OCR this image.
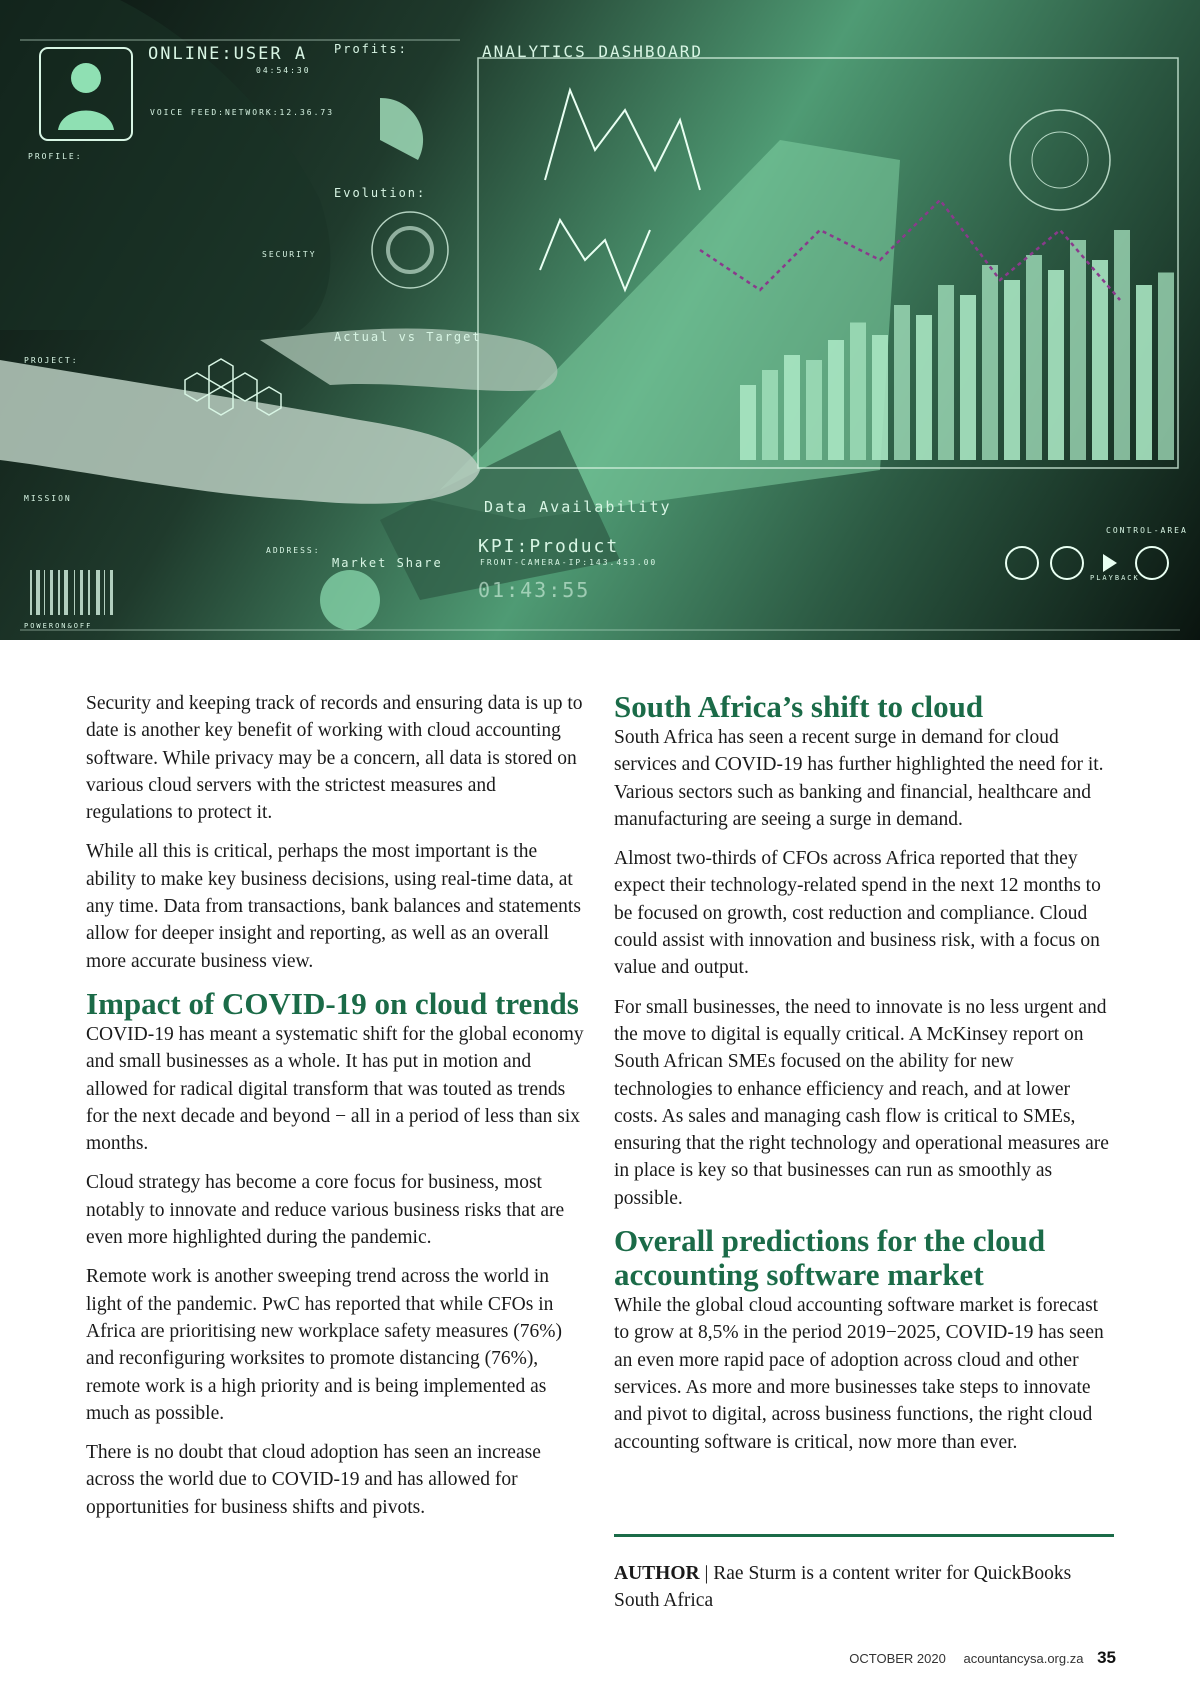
ONLINE:USER A
04:54:30
VOICE FEED:NETWORK:12.36.73
PROFILE:
Profits:	ANALYTICS DASHBOARD
Evolution:
SECURITY
Actual vs Target
PROJECT:
MISSION
ADDRESS:
Market Share
Data Availability
KPI:Product
FRONT-CAMERA-IP:143.453.00
01:43:55
CONTROL-AREA
PLAYBACK
POWERON&OFF

Security and keeping track of records and ensuring data is up to date is another key benefit of working with cloud accounting software. While privacy may be a concern, all data is stored on various cloud servers with the strictest measures and regulations to protect it.

While all this is critical, perhaps the most important is the ability to make key business decisions, using real-time data, at any time. Data from transactions, bank balances and statements allow for deeper insight and reporting, as well as an overall more accurate business view.

Impact of COVID-19 on cloud trends

COVID-19 has meant a systematic shift for the global economy and small businesses as a whole. It has put in motion and allowed for radical digital transform that was touted as trends for the next decade and beyond − all in a period of less than six months.

Cloud strategy has become a core focus for business, most notably to innovate and reduce various business risks that are even more highlighted during the pandemic.

Remote work is another sweeping trend across the world in light of the pandemic. PwC has reported that while CFOs in Africa are prioritising new workplace safety measures (76%) and reconfiguring worksites to promote distancing (76%), remote work is a high priority and is being implemented as much as possible.

There is no doubt that cloud adoption has seen an increase across the world due to COVID-19 and has allowed for opportunities for business shifts and pivots.

South Africa’s shift to cloud

South Africa has seen a recent surge in demand for cloud services and COVID-19 has further highlighted the need for it. Various sectors such as banking and financial, healthcare and manufacturing are seeing a surge in demand.

Almost two-thirds of CFOs across Africa reported that they expect their technology-related spend in the next 12 months to be focused on growth, cost reduction and compliance. Cloud could assist with innovation and business risk, with a focus on value and output.

For small businesses, the need to innovate is no less urgent and the move to digital is equally critical. A McKinsey report on South African SMEs focused on the ability for new technologies to enhance efficiency and reach, and at lower costs. As sales and managing cash flow is critical to SMEs, ensuring that the right technology and operational measures are in place is key so that businesses can run as smoothly as possible.

Overall predictions for the cloud accounting software market

While the global cloud accounting software market is forecast to grow at 8,5% in the period 2019−2025, COVID-19 has seen an even more rapid pace of adoption across cloud and other services. As more and more businesses take steps to innovate and pivot to digital, across business functions, the right cloud accounting software is critical, now more than ever.

AUTHOR | Rae Sturm is a content writer for QuickBooks South Africa
OCTOBER 2020 acountancysa.org.za 35
